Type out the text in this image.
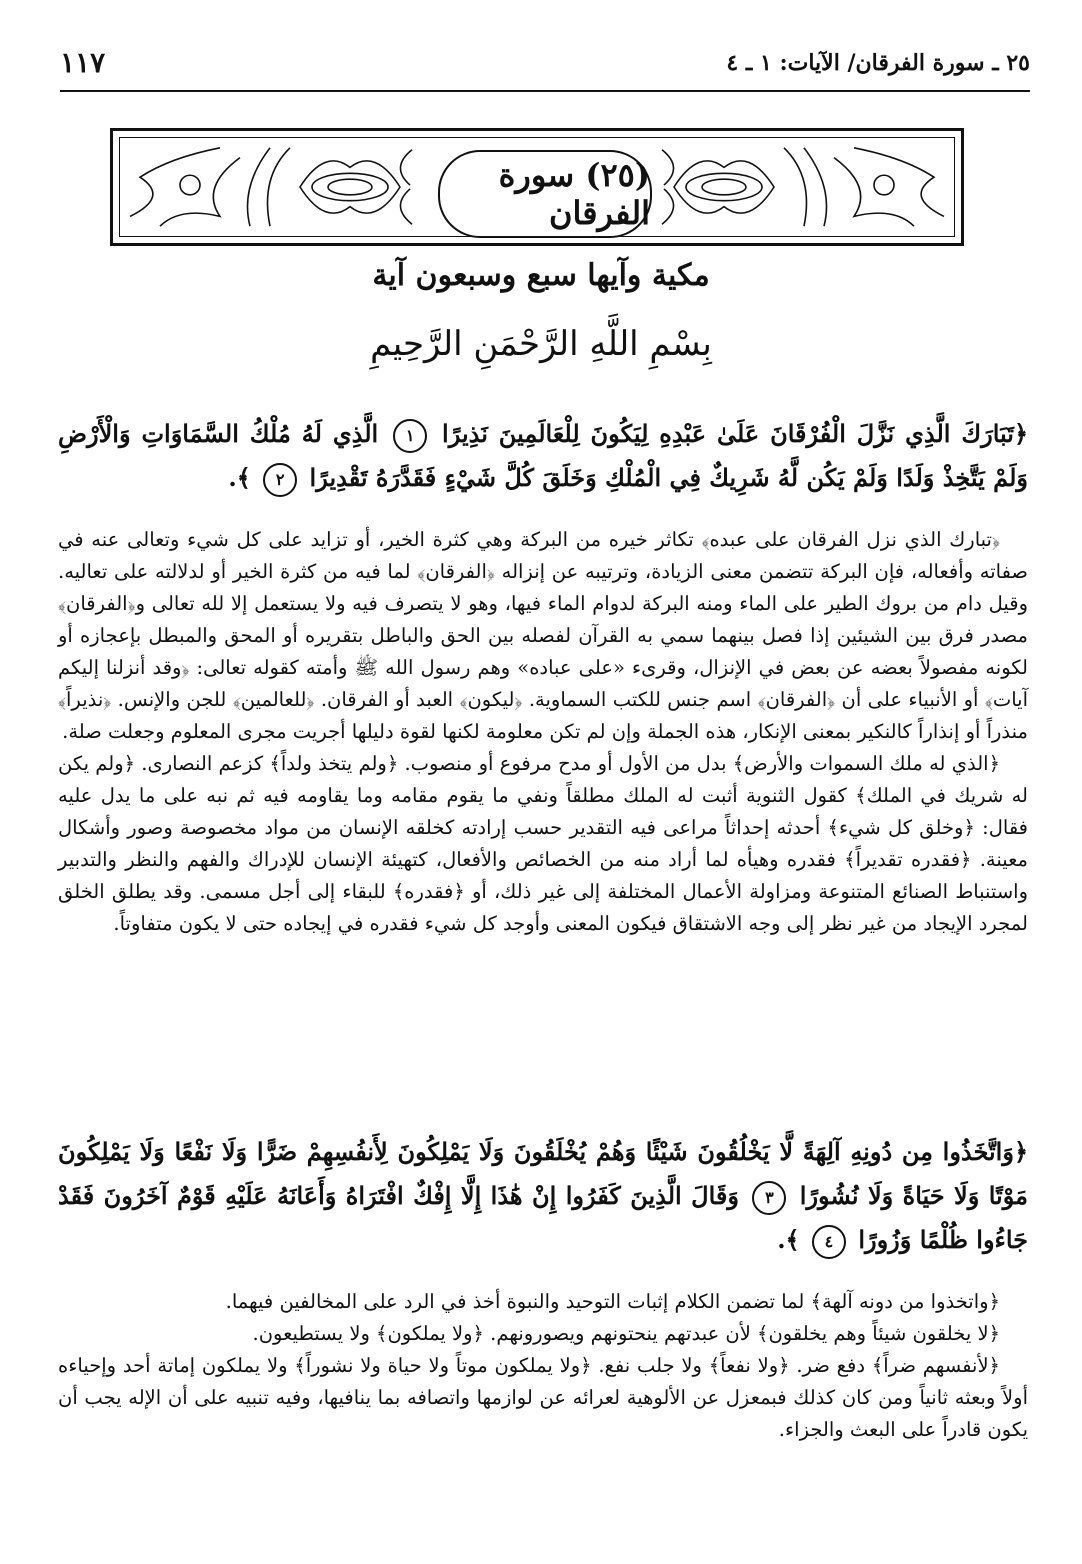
٢٥ ـ سورة الفرقان/ الآيات: ١ ـ ٤
١١٧
(٢٥) سورة الفرقان
مكية وآيها سبع وسبعون آية
بِسْمِ اللَّهِ الرَّحْمَنِ الرَّحِيمِ
﴿تَبَارَكَ الَّذِي نَزَّلَ الْفُرْقَانَ عَلَىٰ عَبْدِهِ لِيَكُونَ لِلْعَالَمِينَ نَذِيرًا ١ الَّذِي لَهُ مُلْكُ السَّمَاوَاتِ وَالْأَرْضِ وَلَمْ يَتَّخِذْ وَلَدًا وَلَمْ يَكُن لَّهُ شَرِيكٌ فِي الْمُلْكِ وَخَلَقَ كُلَّ شَيْءٍ فَقَدَّرَهُ تَقْدِيرًا ٢ ﴾.

﴿تبارك الذي نزل الفرقان على عبده﴾ تكاثر خيره من البركة وهي كثرة الخير، أو تزايد على كل شيء وتعالى عنه في صفاته وأفعاله، فإن البركة تتضمن معنى الزيادة، وترتيبه عن إنزاله ﴿الفرقان﴾ لما فيه من كثرة الخير أو لدلالته على تعاليه. وقيل دام من بروك الطير على الماء ومنه البركة لدوام الماء فيها، وهو لا يتصرف فيه ولا يستعمل إلا لله تعالى و﴿الفرقان﴾ مصدر فرق بين الشيئين إذا فصل بينهما سمي به القرآن لفصله بين الحق والباطل بتقريره أو المحق والمبطل بإعجازه أو لكونه مفصولاً بعضه عن بعض في الإنزال، وقرىء «على عباده» وهم رسول الله ﷺ وأمته كقوله تعالى: ﴿وقد أنزلنا إليكم آيات﴾ أو الأنبياء على أن ﴿الفرقان﴾ اسم جنس للكتب السماوية. ﴿ليكون﴾ العبد أو الفرقان. ﴿للعالمين﴾ للجن والإنس. ﴿نذيراً﴾ منذراً أو إنذاراً كالنكير بمعنى الإنكار، هذه الجملة وإن لم تكن معلومة لكنها لقوة دليلها أجريت مجرى المعلوم وجعلت صلة.

﴿الذي له ملك السموات والأرض﴾ بدل من الأول أو مدح مرفوع أو منصوب. ﴿ولم يتخذ ولداً﴾ كزعم النصارى. ﴿ولم يكن له شريك في الملك﴾ كقول الثنوية أثبت له الملك مطلقاً ونفي ما يقوم مقامه وما يقاومه فيه ثم نبه على ما يدل عليه فقال: ﴿وخلق كل شيء﴾ أحدثه إحداثاً مراعى فيه التقدير حسب إرادته كخلقه الإنسان من مواد مخصوصة وصور وأشكال معينة. ﴿فقدره تقديراً﴾ فقدره وهيأه لما أراد منه من الخصائص والأفعال، كتهيئة الإنسان للإدراك والفهم والنظر والتدبير واستنباط الصنائع المتنوعة ومزاولة الأعمال المختلفة إلى غير ذلك، أو ﴿فقدره﴾ للبقاء إلى أجل مسمى. وقد يطلق الخلق لمجرد الإيجاد من غير نظر إلى وجه الاشتقاق فيكون المعنى وأوجد كل شيء فقدره في إيجاده حتى لا يكون متفاوتاً.

﴿وَاتَّخَذُوا مِن دُونِهِ آلِهَةً لَّا يَخْلُقُونَ شَيْئًا وَهُمْ يُخْلَقُونَ وَلَا يَمْلِكُونَ لِأَنفُسِهِمْ ضَرًّا وَلَا نَفْعًا وَلَا يَمْلِكُونَ مَوْتًا وَلَا حَيَاةً وَلَا نُشُورًا ٣ وَقَالَ الَّذِينَ كَفَرُوا إِنْ هَٰذَا إِلَّا إِفْكٌ افْتَرَاهُ وَأَعَانَهُ عَلَيْهِ قَوْمٌ آخَرُونَ فَقَدْ جَاءُوا ظُلْمًا وَزُورًا ٤ ﴾.

﴿واتخذوا من دونه آلهة﴾ لما تضمن الكلام إثبات التوحيد والنبوة أخذ في الرد على المخالفين فيهما.

﴿لا يخلقون شيئاً وهم يخلقون﴾ لأن عبدتهم ينحتونهم ويصورونهم. ﴿ولا يملكون﴾ ولا يستطيعون.

﴿لأنفسهم ضراً﴾ دفع ضر. ﴿ولا نفعاً﴾ ولا جلب نفع. ﴿ولا يملكون موتاً ولا حياة ولا نشوراً﴾ ولا يملكون إماتة أحد وإحياءه أولاً وبعثه ثانياً ومن كان كذلك فبمعزل عن الألوهية لعرائه عن لوازمها واتصافه بما ينافيها، وفيه تنبيه على أن الإله يجب أن يكون قادراً على البعث والجزاء.
